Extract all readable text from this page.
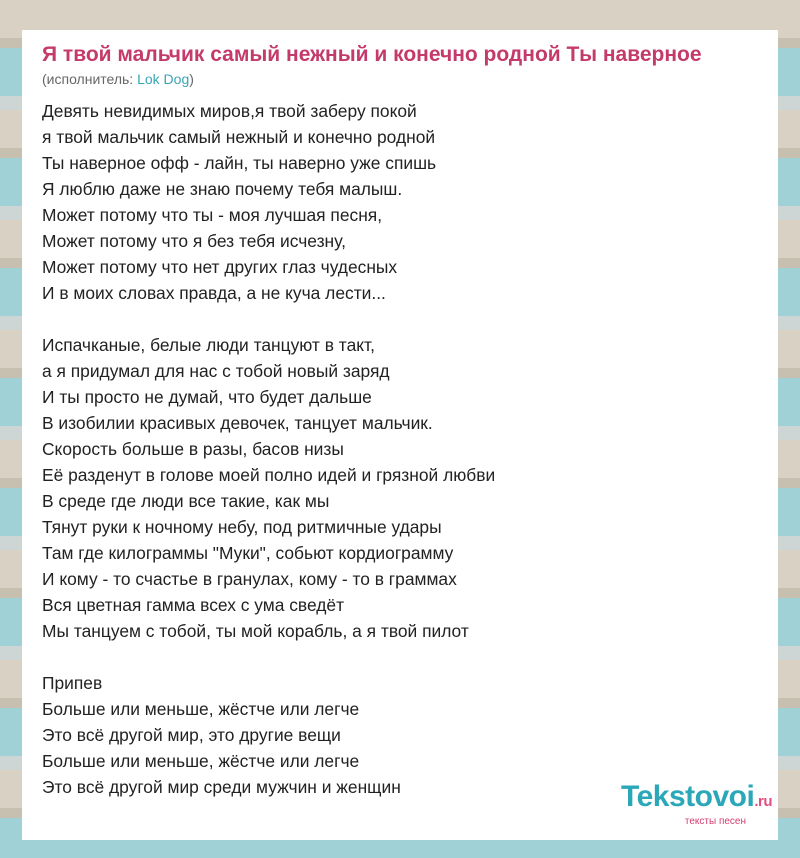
Я твой мальчик самый нежный и конечно родной Ты наверное
(исполнитель: Lok Dog)
Девять невидимых миров,я твой заберу покой
я твой мальчик самый нежный и конечно родной
Ты наверное офф - лайн, ты наверно уже спишь
Я люблю даже не знаю почему тебя малыш.
Может потому что ты - моя лучшая песня,
Может потому что я без тебя исчезну,
Может потому что нет других глаз чудесных
И в моих словах правда, а не куча лести...
Испачканые, белые люди танцуют в такт,
а я придумал для нас с тобой новый заряд
И ты просто не думай, что будет дальше
В изобилии красивых девочек, танцует мальчик.
Скорость больше в разы, басов низы
Её разденут в голове моей полно идей и грязной любви
В среде где люди все такие, как мы
Тянут руки к ночному небу, под ритмичные удары
Там где килограммы "Муки", собьют кордиограмму
И кому - то счастье в гранулах, кому - то в граммах
Вся цветная гамма всех с ума сведёт
Мы танцуем с тобой, ты мой корабль, а я твой пилот
Припев
Больше или меньше, жёстче или легче
Это всё другой мир, это другие вещи
Больше или меньше, жёстче или легче
Это всё другой мир среди мужчин и женщин	Tekstovoi.ru
тексты песен
